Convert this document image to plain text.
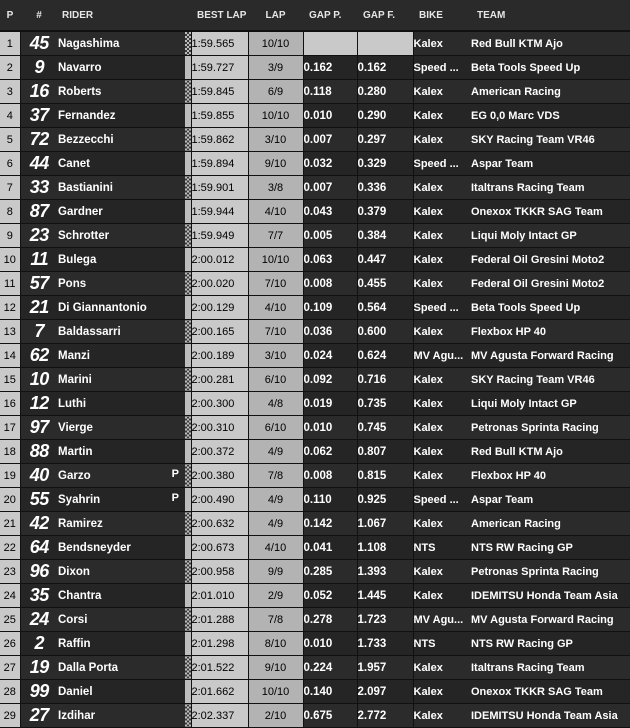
P	#	RIDER		BEST LAP	LAP	GAP P.	GAP F.	BIKE	TEAM
1	45	Nagashima		1:59.565	10/10			Kalex	Red Bull KTM Ajo
2	9	Navarro		1:59.727	3/9	0.162	0.162	Speed ...	Beta Tools Speed Up
3	16	Roberts		1:59.845	6/9	0.118	0.280	Kalex	American Racing
4	37	Fernandez		1:59.855	10/10	0.010	0.290	Kalex	EG 0,0 Marc VDS
5	72	Bezzecchi		1:59.862	3/10	0.007	0.297	Kalex	SKY Racing Team VR46
6	44	Canet		1:59.894	9/10	0.032	0.329	Speed ...	Aspar Team
7	33	Bastianini		1:59.901	3/8	0.007	0.336	Kalex	Italtrans Racing Team
8	87	Gardner		1:59.944	4/10	0.043	0.379	Kalex	Onexox TKKR SAG Team
9	23	Schrotter		1:59.949	7/7	0.005	0.384	Kalex	Liqui Moly Intact GP
10	11	Bulega		2:00.012	10/10	0.063	0.447	Kalex	Federal Oil Gresini Moto2
11	57	Pons		2:00.020	7/10	0.008	0.455	Kalex	Federal Oil Gresini Moto2
12	21	Di Giannantonio		2:00.129	4/10	0.109	0.564	Speed ...	Beta Tools Speed Up
13	7	Baldassarri		2:00.165	7/10	0.036	0.600	Kalex	Flexbox HP 40
14	62	Manzi		2:00.189	3/10	0.024	0.624	MV Agu...	MV Agusta Forward Racing
15	10	Marini		2:00.281	6/10	0.092	0.716	Kalex	SKY Racing Team VR46
16	12	Luthi		2:00.300	4/8	0.019	0.735	Kalex	Liqui Moly Intact GP
17	97	Vierge		2:00.310	6/10	0.010	0.745	Kalex	Petronas Sprinta Racing
18	88	Martin		2:00.372	4/9	0.062	0.807	Kalex	Red Bull KTM Ajo
19	40	Garzo P		2:00.380	7/8	0.008	0.815	Kalex	Flexbox HP 40
20	55	Syahrin P		2:00.490	4/9	0.110	0.925	Speed ...	Aspar Team
21	42	Ramirez		2:00.632	4/9	0.142	1.067	Kalex	American Racing
22	64	Bendsneyder		2:00.673	4/10	0.041	1.108	NTS	NTS RW Racing GP
23	96	Dixon		2:00.958	9/9	0.285	1.393	Kalex	Petronas Sprinta Racing
24	35	Chantra		2:01.010	2/9	0.052	1.445	Kalex	IDEMITSU Honda Team Asia
25	24	Corsi		2:01.288	7/8	0.278	1.723	MV Agu...	MV Agusta Forward Racing
26	2	Raffin		2:01.298	8/10	0.010	1.733	NTS	NTS RW Racing GP
27	19	Dalla Porta		2:01.522	9/10	0.224	1.957	Kalex	Italtrans Racing Team
28	99	Daniel		2:01.662	10/10	0.140	2.097	Kalex	Onexox TKKR SAG Team
29	27	Izdihar		2:02.337	2/10	0.675	2.772	Kalex	IDEMITSU Honda Team Asia
